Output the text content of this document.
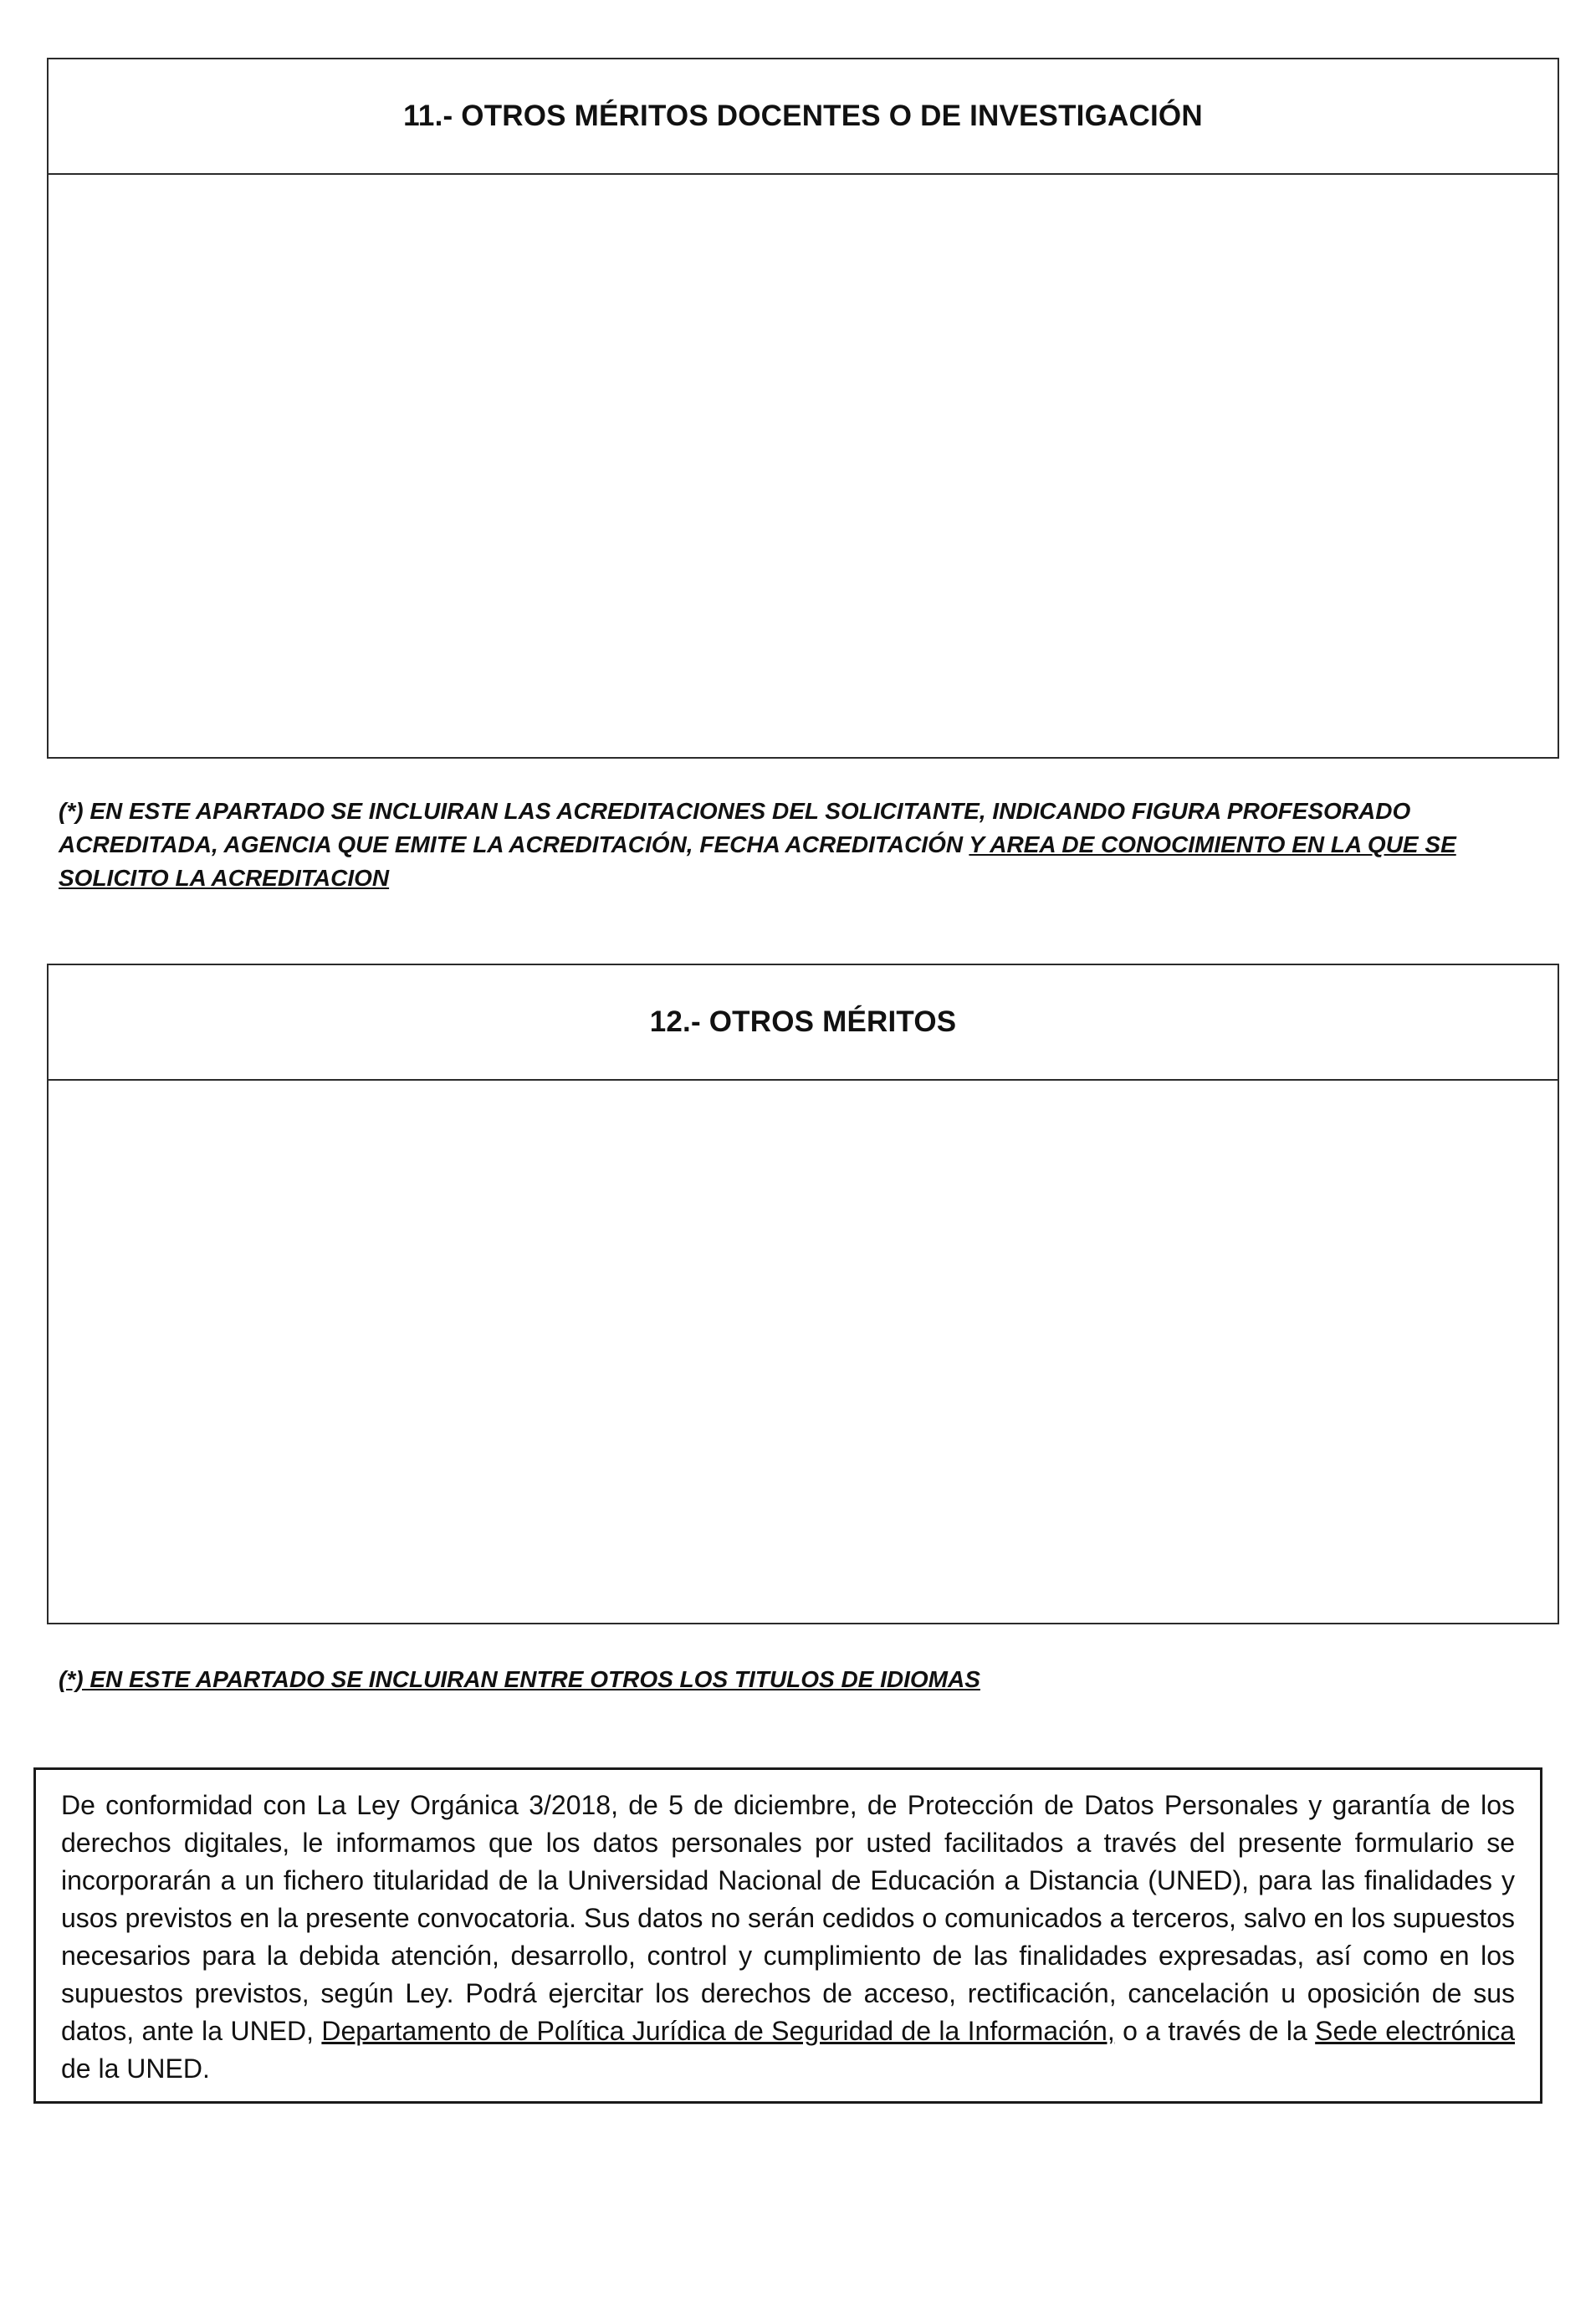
11.- OTROS MÉRITOS DOCENTES O DE INVESTIGACIÓN
(*) EN ESTE APARTADO SE INCLUIRAN LAS ACREDITACIONES DEL SOLICITANTE, INDICANDO FIGURA PROFESORADO ACREDITADA, AGENCIA QUE EMITE LA ACREDITACIÓN, FECHA ACREDITACIÓN Y AREA DE CONOCIMIENTO EN LA QUE SE SOLICITO LA ACREDITACION
12.- OTROS MÉRITOS
(*) EN ESTE APARTADO SE INCLUIRAN ENTRE OTROS LOS TITULOS DE IDIOMAS

De conformidad con La Ley Orgánica 3/2018, de 5 de diciembre, de Protección de Datos Personales y garantía de los derechos digitales, le informamos que los datos personales por usted facilitados a través del presente formulario se incorporarán a un fichero titularidad de la Universidad Nacional de Educación a Distancia (UNED), para las finalidades y usos previstos en la presente convocatoria. Sus datos no serán cedidos o comunicados a terceros, salvo en los supuestos necesarios para la debida atención, desarrollo, control y cumplimiento de las finalidades expresadas, así como en los supuestos previstos, según Ley. Podrá ejercitar los derechos de acceso, rectificación, cancelación u oposición de sus datos, ante la UNED, Departamento de Política Jurídica de Seguridad de la Información, o a través de la Sede electrónica de la UNED.
